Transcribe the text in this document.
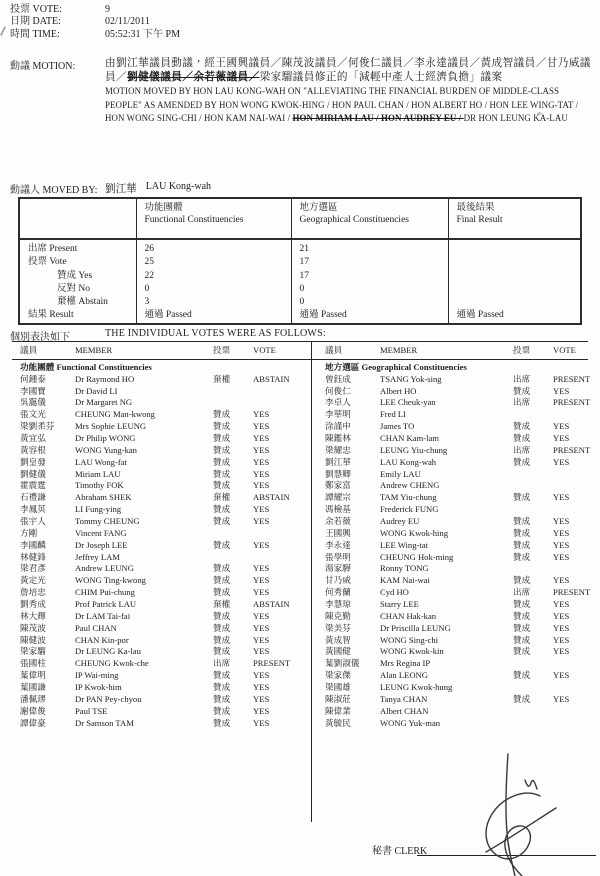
投票 VOTE:	9
日期 DATE:	02/11/2011
時間 TIME:	05:52:31 下午 PM
動議 MOTION:	由劉江華議員動議，經王國興議員／陳茂波議員／何俊仁議員／李永達議員／黃成智議員／甘乃威議員／劉健儀議員／余若薇議員／梁家騮議員修正的「減輕中產人士經濟負擔」議案
MOTION MOVED BY HON LAU KONG-WAH ON "ALLEVIATING THE FINANCIAL BURDEN OF MIDDLE-CLASS PEOPLE" AS AMENDED BY HON WONG KWOK-HING / HON PAUL CHAN / HON ALBERT HO / HON LEE WING-TAT / HON WONG SING-CHI / HON KAM NAI-WAI / HON MIRIAM LAU / HON AUDREY EU / DR HON LEUNG KA-LAU
動議人 MOVED BY: 劉江華 LAU Kong-wah

功能團體
Functional Constituencies

地方選區
Geographical Constituencies

最後結果
Final Result

出席 Present	26	21	
投票 Vote	25	17	
贊成 Yes	22	17	
反對 No	0	0	
棄權 Abstain	3	0	
結果 Result	通過 Passed	通過 Passed	通過 Passed
個別表決如下	THE INDIVIDUAL VOTES WERE AS FOLLOWS:
議員	MEMBER	投票	VOTE
功能團體 Functional Constituencies
何鍾泰	Dr Raymond HO	棄權	ABSTAIN
李國寶	Dr David LI
吳靄儀	Dr Margaret NG
張文光	CHEUNG Man-kwong	贊成	YES
梁劉柔芬	Mrs Sophie LEUNG	贊成	YES
黃宜弘	Dr Philip WONG	贊成	YES
黃容根	WONG Yung-kan	贊成	YES
劉皇發	LAU Wong-fat	贊成	YES
劉健儀	Miriam LAU	贊成	YES
霍震霆	Timothy FOK	贊成	YES
石禮謙	Abraham SHEK	棄權	ABSTAIN
李鳳英	LI Fung-ying	贊成	YES
張宇人	Tommy CHEUNG	贊成	YES
方剛	Vincent FANG
李國麟	Dr Joseph LEE	贊成	YES
林健鋒	Jeffrey LAM
梁君彥	Andrew LEUNG	贊成	YES
黃定光	WONG Ting-kwong	贊成	YES
詹培忠	CHIM Pui-chung	贊成	YES
劉秀成	Prof Patrick LAU	棄權	ABSTAIN
林大輝	Dr LAM Tai-fai	贊成	YES
陳茂波	Paul CHAN	贊成	YES
陳健波	CHAN Kin-por	贊成	YES
梁家騮	Dr LEUNG Ka-lau	贊成	YES
張國柱	CHEUNG Kwok-che	出席	PRESENT
葉偉明	IP Wai-ming	贊成	YES
葉國謙	IP Kwok-him	贊成	YES
潘佩璆	Dr PAN Pey-chyou	贊成	YES
謝偉俊	Paul TSE	贊成	YES
譚偉豪	Dr Samson TAM	贊成	YES
議員	MEMBER	投票	VOTE
地方選區 Geographical Constituencies
曾鈺成	TSANG Yok-sing	出席	PRESENT
何俊仁	Albert HO	贊成	YES
李卓人	LEE Cheuk-yan	出席	PRESENT
李華明	Fred LI
涂謹申	James TO	贊成	YES
陳鑑林	CHAN Kam-lam	贊成	YES
梁耀忠	LEUNG Yiu-chung	出席	PRESENT
劉江華	LAU Kong-wah	贊成	YES
劉慧卿	Emily LAU
鄭家富	Andrew CHENG
譚耀宗	TAM Yiu-chung	贊成	YES
馮檢基	Frederick FUNG
余若薇	Audrey EU	贊成	YES
王國興	WONG Kwok-hing	贊成	YES
李永達	LEE Wing-tat	贊成	YES
張學明	CHEUNG Hok-ming	贊成	YES
湯家驊	Ronny TONG
甘乃威	KAM Nai-wai	贊成	YES
何秀蘭	Cyd HO	出席	PRESENT
李慧琼	Starry LEE	贊成	YES
陳克勤	CHAN Hak-kan	贊成	YES
梁美芬	Dr Priscilla LEUNG	贊成	YES
黃成智	WONG Sing-chi	贊成	YES
黃國健	WONG Kwok-kin	贊成	YES
葉劉淑儀	Mrs Regina IP
梁家傑	Alan LEONG	贊成	YES
梁國雄	LEUNG Kwok-hung
陳淑莊	Tanya CHAN	贊成	YES
陳偉業	Albert CHAN
黃毓民	WONG Yuk-man
秘書 CLERK
